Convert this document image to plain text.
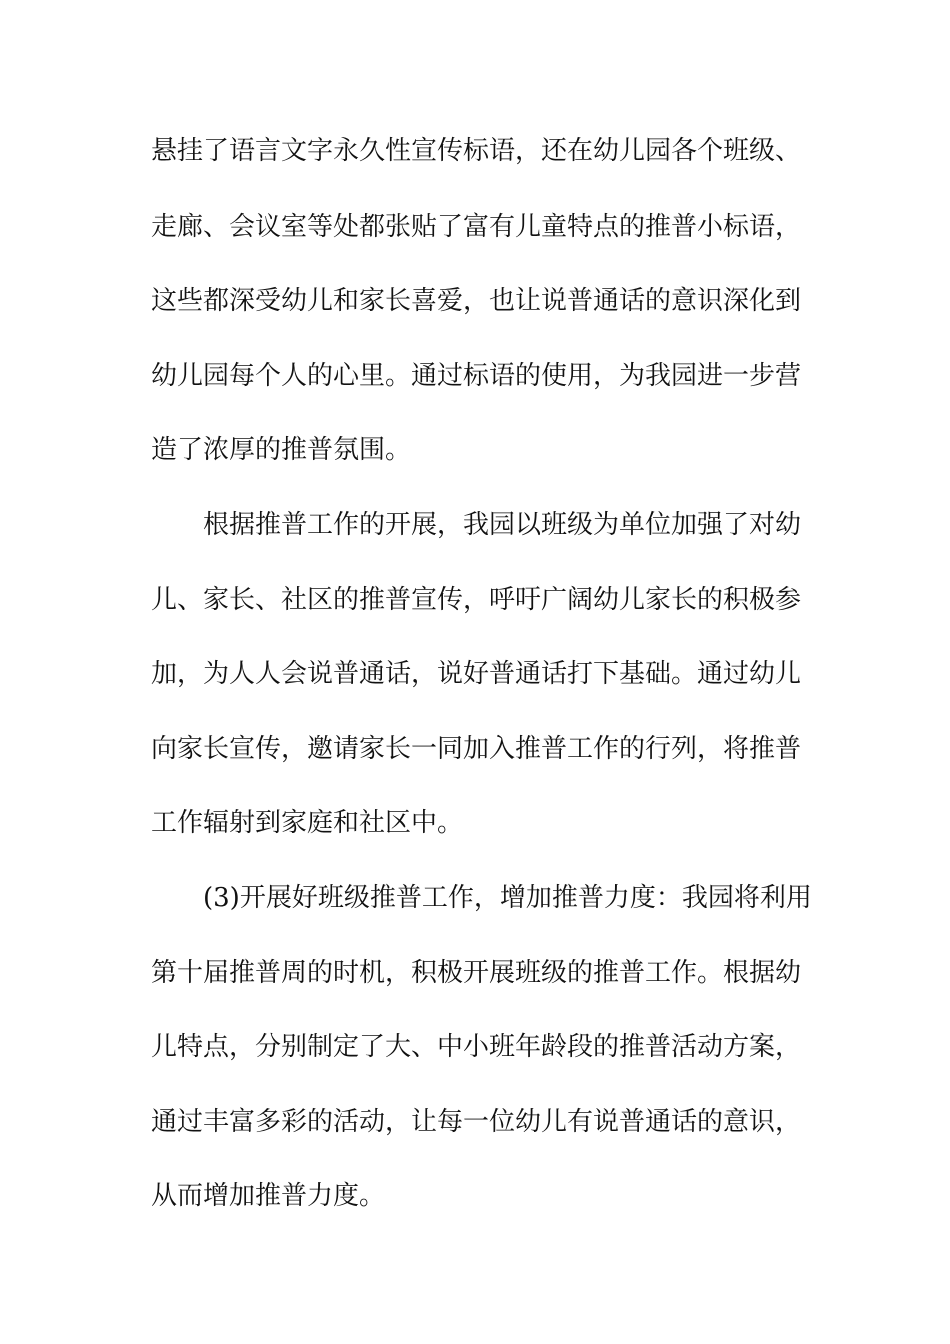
悬挂了语言文字永久性宣传标语，还在幼儿园各个班级、
走廊、会议室等处都张贴了富有儿童特点的推普小标语，
这些都深受幼儿和家长喜爱，也让说普通话的意识深化到
幼儿园每个人的心里。通过标语的使用，为我园进一步营
造了浓厚的推普氛围。
根据推普工作的开展，我园以班级为单位加强了对幼
儿、家长、社区的推普宣传，呼吁广阔幼儿家长的积极参
加，为人人会说普通话，说好普通话打下基础。通过幼儿
向家长宣传，邀请家长一同加入推普工作的行列，将推普
工作辐射到家庭和社区中。
(3)开展好班级推普工作，增加推普力度：我园将利用
第十届推普周的时机，积极开展班级的推普工作。根据幼
儿特点，分别制定了大、中小班年龄段的推普活动方案，
通过丰富多彩的活动，让每一位幼儿有说普通话的意识，
从而增加推普力度。
